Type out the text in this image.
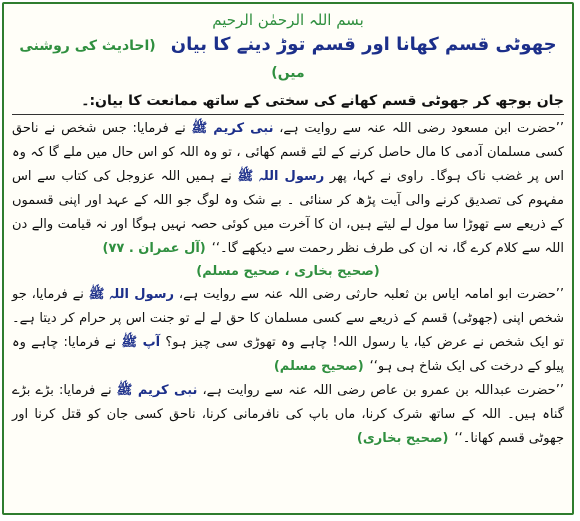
بسم اللہ الرحمٰن الرحیم

جھوٹی قسم کھانا اور قسم توڑ دینے کا بیان (احادیث کی روشنی میں)
جان بوجھ کر جھوٹی قسم کھانے کی سختی کے ساتھ ممانعت کا بیان:۔

’’حضرت ابن مسعود رضی اللہ عنہ سے روایت ہے، نبی کریم ﷺ نے فرمایا: جس شخص نے ناحق کسی مسلمان آدمی کا مال حاصل کرنے کے لئے قسم کھائی ، تو وہ اللہ کو اس حال میں ملے گا کہ وہ اس پر غضب ناک ہوگا۔ راوی نے کہا، پھر رسول اللہ ﷺ نے ہمیں اللہ عزوجل کی کتاب سے اس مفہوم کی تصدیق کرنے والی آیت پڑھ کر سنائی ۔ بے شک وہ لوگ جو اللہ کے عہد اور اپنی قسموں کے ذریعے سے تھوڑا سا مول لے لیتے ہیں، ان کا آخرت میں کوئی حصہ نہیں ہوگا اور نہ قیامت والے دن اللہ سے کلام کرے گا، نہ ان کی طرف نظر رحمت سے دیکھے گا۔‘‘(آل عمران . ۷۷)

(صحیح بخاری ، صحیح مسلم)

’’حضرت ابو امامہ ایاس بن ثعلبہ حارثی رضی اللہ عنہ سے روایت ہے، رسول اللہ ﷺ نے فرمایا، جو شخص اپنی (جھوٹی) قسم کے ذریعے سے کسی مسلمان کا حق لے لے تو جنت اس پر حرام کر دیتا ہے۔ تو ایک شخص نے عرض کیا، یا رسول اللہ! چاہے وہ تھوڑی سی چیز ہو؟ آپ ﷺ نے فرمایا: چاہے وہ پیلو کے درخت کی ایک شاخ ہی ہو‘‘(صحیح مسلم)

’’حضرت عبداللہ بن عمرو بن عاص رضی اللہ عنہ سے روایت ہے، نبی کریم ﷺ نے فرمایا: بڑے بڑے گناہ ہیں۔ اللہ کے ساتھ شرک کرنا، ماں باپ کی نافرمانی کرنا، ناحق کسی جان کو قتل کرنا اور جھوٹی قسم کھانا۔‘‘(صحیح بخاری)
